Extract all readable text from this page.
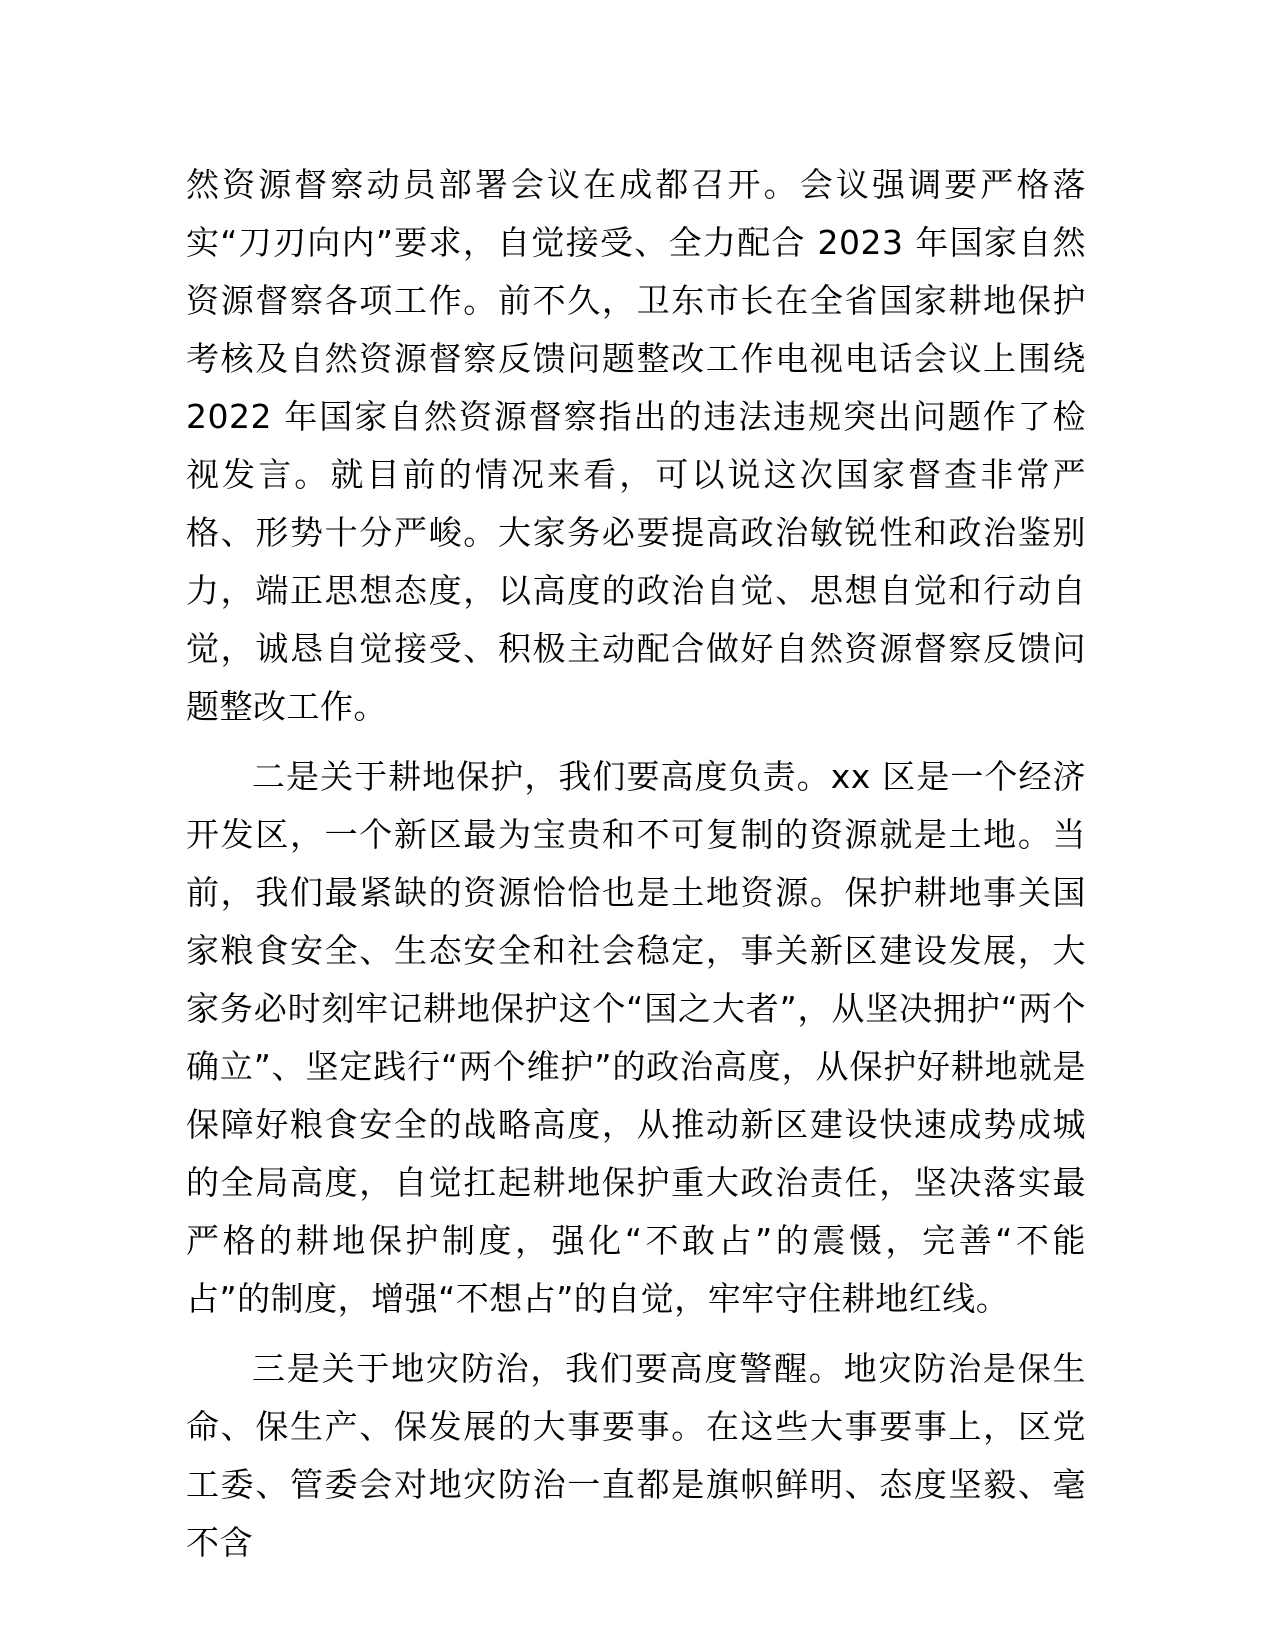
然资源督察动员部署会议在成都召开。会议强调要严格落实“刀刃向内”要求，自觉接受、全力配合 2023 年国家自然资源督察各项工作。前不久，卫东市长在全省国家耕地保护考核及自然资源督察反馈问题整改工作电视电话会议上围绕 2022 年国家自然资源督察指出的违法违规突出问题作了检视发言。就目前的情况来看，可以说这次国家督查非常严格、形势十分严峻。大家务必要提高政治敏锐性和政治鉴别力，端正思想态度，以高度的政治自觉、思想自觉和行动自觉，诚恳自觉接受、积极主动配合做好自然资源督察反馈问题整改工作。

二是关于耕地保护，我们要高度负责。xx 区是一个经济开发区，一个新区最为宝贵和不可复制的资源就是土地。当前，我们最紧缺的资源恰恰也是土地资源。保护耕地事关国家粮食安全、生态安全和社会稳定，事关新区建设发展，大家务必时刻牢记耕地保护这个“国之大者”，从坚决拥护“两个确立”、坚定践行“两个维护”的政治高度，从保护好耕地就是保障好粮食安全的战略高度，从推动新区建设快速成势成城的全局高度，自觉扛起耕地保护重大政治责任，坚决落实最严格的耕地保护制度，强化“不敢占”的震慑，完善“不能占”的制度，增强“不想占”的自觉，牢牢守住耕地红线。

三是关于地灾防治，我们要高度警醒。地灾防治是保生命、保生产、保发展的大事要事。在这些大事要事上，区党工委、管委会对地灾防治一直都是旗帜鲜明、态度坚毅、毫不含
